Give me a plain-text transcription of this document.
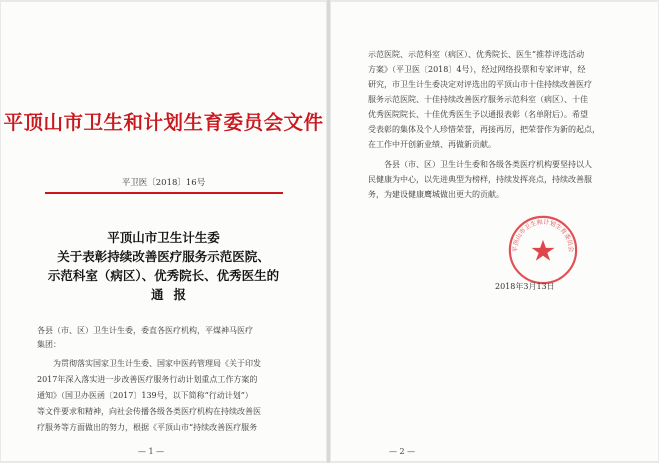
平顶山市卫生和计划生育委员会文件
平卫医〔2018〕16号
平顶山市卫生计生委
关于表彰持续改善医疗服务示范医院、
示范科室（病区）、优秀院长、优秀医生的
通报
各县（市、区）卫生计生委，委直各医疗机构，平煤神马医疗
集团：
为贯彻落实国家卫生计生委、国家中医药管理局《关于印发
2017年深入落实进一步改善医疗服务行动计划重点工作方案的
通知》（国卫办医函〔2017〕139号，以下简称“行动计划”）
等文件要求和精神，向社会传播各级各类医疗机构在持续改善医
疗服务等方面做出的努力，根据《平顶山市“持续改善医疗服务
— 1 —
示范医院、示范科室（病区）、优秀院长、医生”推荐评选活动
方案》（平卫医〔2018〕4号），经过网络投票和专家评审，经
研究，市卫生计生委决定对评选出的平顶山市十佳持续改善医疗
服务示范医院、十佳持续改善医疗服务示范科室（病区）、十佳
优秀医院院长、十佳优秀医生予以通报表彰（名单附后）。希望
受表彰的集体及个人珍惜荣誉，再接再厉，把荣誉作为新的起点，
在工作中开创新业绩、再做新贡献。
各县（市、区）卫生计生委和各级各类医疗机构要坚持以人
民健康为中心，以先进典型为榜样，持续发挥亮点，持续改善服
务，为建设健康鹰城做出更大的贡献。
平顶山市卫生和计划生育委员会
2018年3月13日
— 2 —
